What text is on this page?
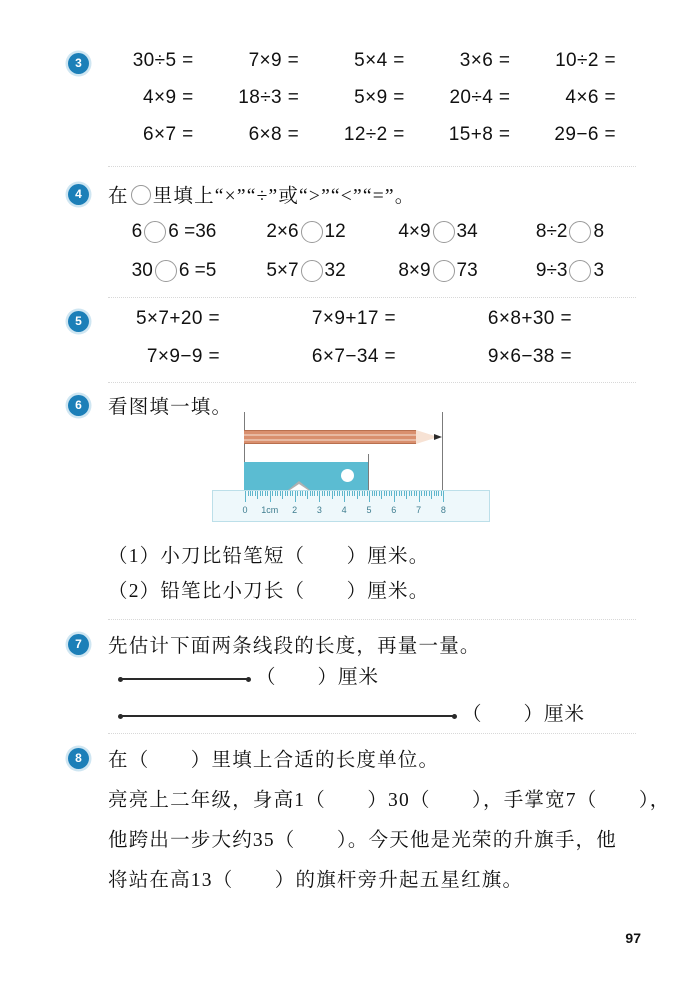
3	30÷5 =	7×9 =	5×4 =	3×6 =	10÷2 =
4×9 =	18÷3 =	5×9 =	20÷4 =	4×6 =
6×7 =	6×8 =	12÷2 =	15+8 =	29−6 =
4	在 里填上“×”“÷”或“>”“<”“=”。
6 6 =36	2×6 12	4×9 34	8÷2 8
30 6 =5	5×7 32	8×9 73	9÷3 3
5	5×7+20 =	7×9+17 =	6×8+30 =
7×9−9 =	6×7−34 =	9×6−38 =
6	看图填一填。
0 1cm 2 3 4 5 6 7 8
（1）小刀比铅笔短（　　）厘米。
（2）铅笔比小刀长（　　）厘米。
7	先估计下面两条线段的长度，再量一量。
（　　）厘米
（　　）厘米
8	在（　　）里填上合适的长度单位。
亮亮上二年级，身高1（　　）30（　　），手掌宽7（　　），
他跨出一步大约35（　　）。今天他是光荣的升旗手，他
将站在高13（　　）的旗杆旁升起五星红旗。
97
